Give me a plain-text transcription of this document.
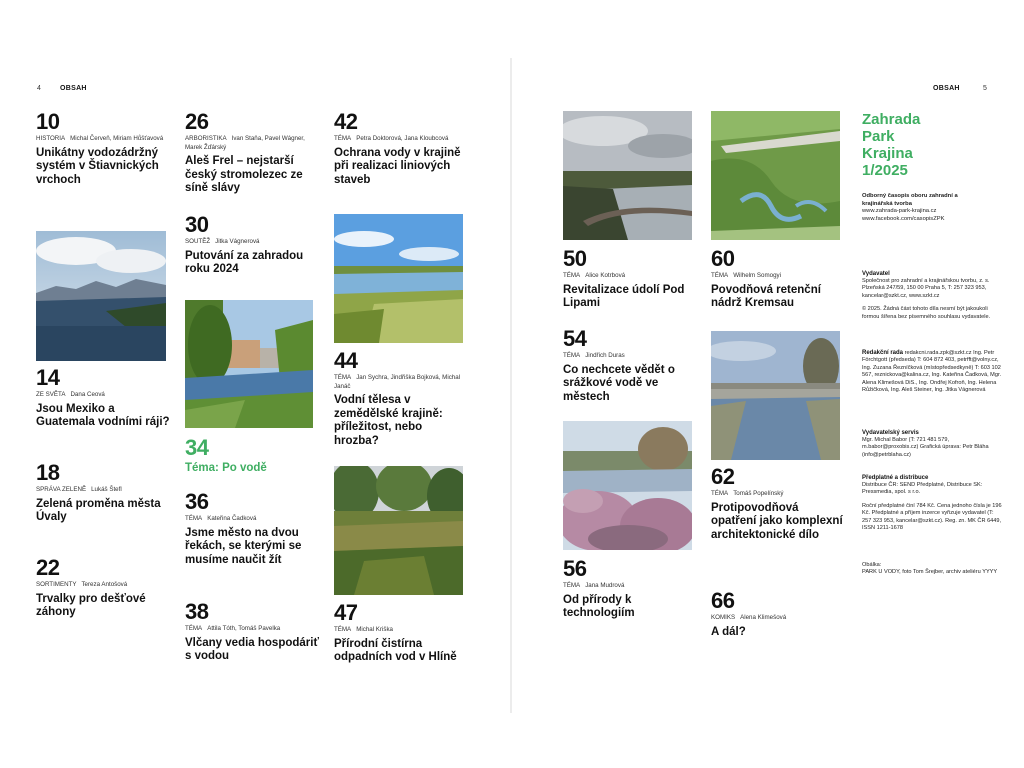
4	OBSAH	OBSAH	5
10
HISTORIA Michal Červeň, Miriam Hůšťavová
Unikátny vodozádržný systém v Štiavnických vrchoch
14
ZE SVĚTA Dana Ceová
Jsou Mexiko a Guatemala vodními ráji?
18
SPRÁVA ZELENĚ Lukáš Štefl
Zelená proměna města Úvaly
22
SORTIMENTY Tereza Antošová
Trvalky pro dešťové záhony
26
ARBORISTIKA Ivan Staňa, Pavel Wágner, Marek Žďárský
Aleš Frel – nejstarší český stromolezec ze síně slávy
30
SOUTĚŽ Jitka Vágnerová
Putování za zahradou roku 2024
34
Téma: Po vodě
36
TÉMA Kateřina Čadková
Jsme město na dvou řekách, se kterými se musíme naučit žít
38
TÉMA Attila Tóth, Tomáš Pavelka
Vlčany vedia hospodáriť s vodou
42
TÉMA Petra Doktorová, Jana Kloubcová
Ochrana vody v krajině při realizaci liniových staveb
44
TÉMA Jan Sychra, Jindřiška Bojková, Michal Janáč
Vodní tělesa v zemědělské krajině: příležitost, nebo hrozba?
47
TÉMA Michal Kriška
Přírodní čistírna odpadních vod v Hlíně
50
TÉMA Alice Kotrbová
Revitalizace údolí Pod Lipami
54
TÉMA Jindřich Duras
Co nechcete vědět o srážkové vodě ve městech
56
TÉMA Jana Mudrová
Od přírody k technologiím
60
TÉMA Wilhelm Somogyi
Povodňová retenční nádrž Kremsau
62
TÉMA Tomáš Popelínský
Protipovodňová opatření jako komplexní architektonické dílo
66
KOMIKS Alena Klimešová
A dál?
Zahrada Park Krajina 1/2025
Odborný časopis oboru zahradní a krajinářská tvorba
www.zahrada-park-krajina.cz
www.facebook.com/casopisZPK
Vydavatel
Společnost pro zahradní a krajinářskou tvorbu, z. s. Plzeňská 247/59, 150 00 Praha 5, T: 257 323 953, kancelar@szkt.cz, www.szkt.cz
© 2025. Žádná část tohoto díla nesmí být jakoukoli formou šířena bez písemného souhlasu vydavatele.
Redakční rada redakcni.rada.zpk@szkt.cz Ing. Petr Förchtgott (předseda) T: 604 872 403, petrfft@volny.cz, Ing. Zuzana Řezníčková (místopředsedkyně) T: 603 102 567, reznickova@kalina.cz, Ing. Kateřina Čadková, Mgr. Alena Klimešová DiS., Ing. Ondřej Kofroň, Ing. Helena Růžičková, Ing. Aleš Steiner, Ing. Jitka Vágnerová
Vydavatelský servis
Mgr. Michal Babor (T: 721 481 579, m.babor@proxobis.cz) Grafická úprava: Petr Bláha (info@petrblaha.cz)
Předplatné a distribuce
Distribuce ČR: SEND Předplatné, Distribuce SK: Pressmedia, spol. s r.o.
Roční předplatné činí 784 Kč. Cena jednoho čísla je 196 Kč. Předplatné a příjem inzerce vyřizuje vydavatel (T: 257 323 953, kancelar@szkt.cz). Reg. zn. MK ČR 6449, ISSN 1211-1678
Obálka:
PARK U VODY, foto Tom Šrejber, archiv ateliéru YYYY
